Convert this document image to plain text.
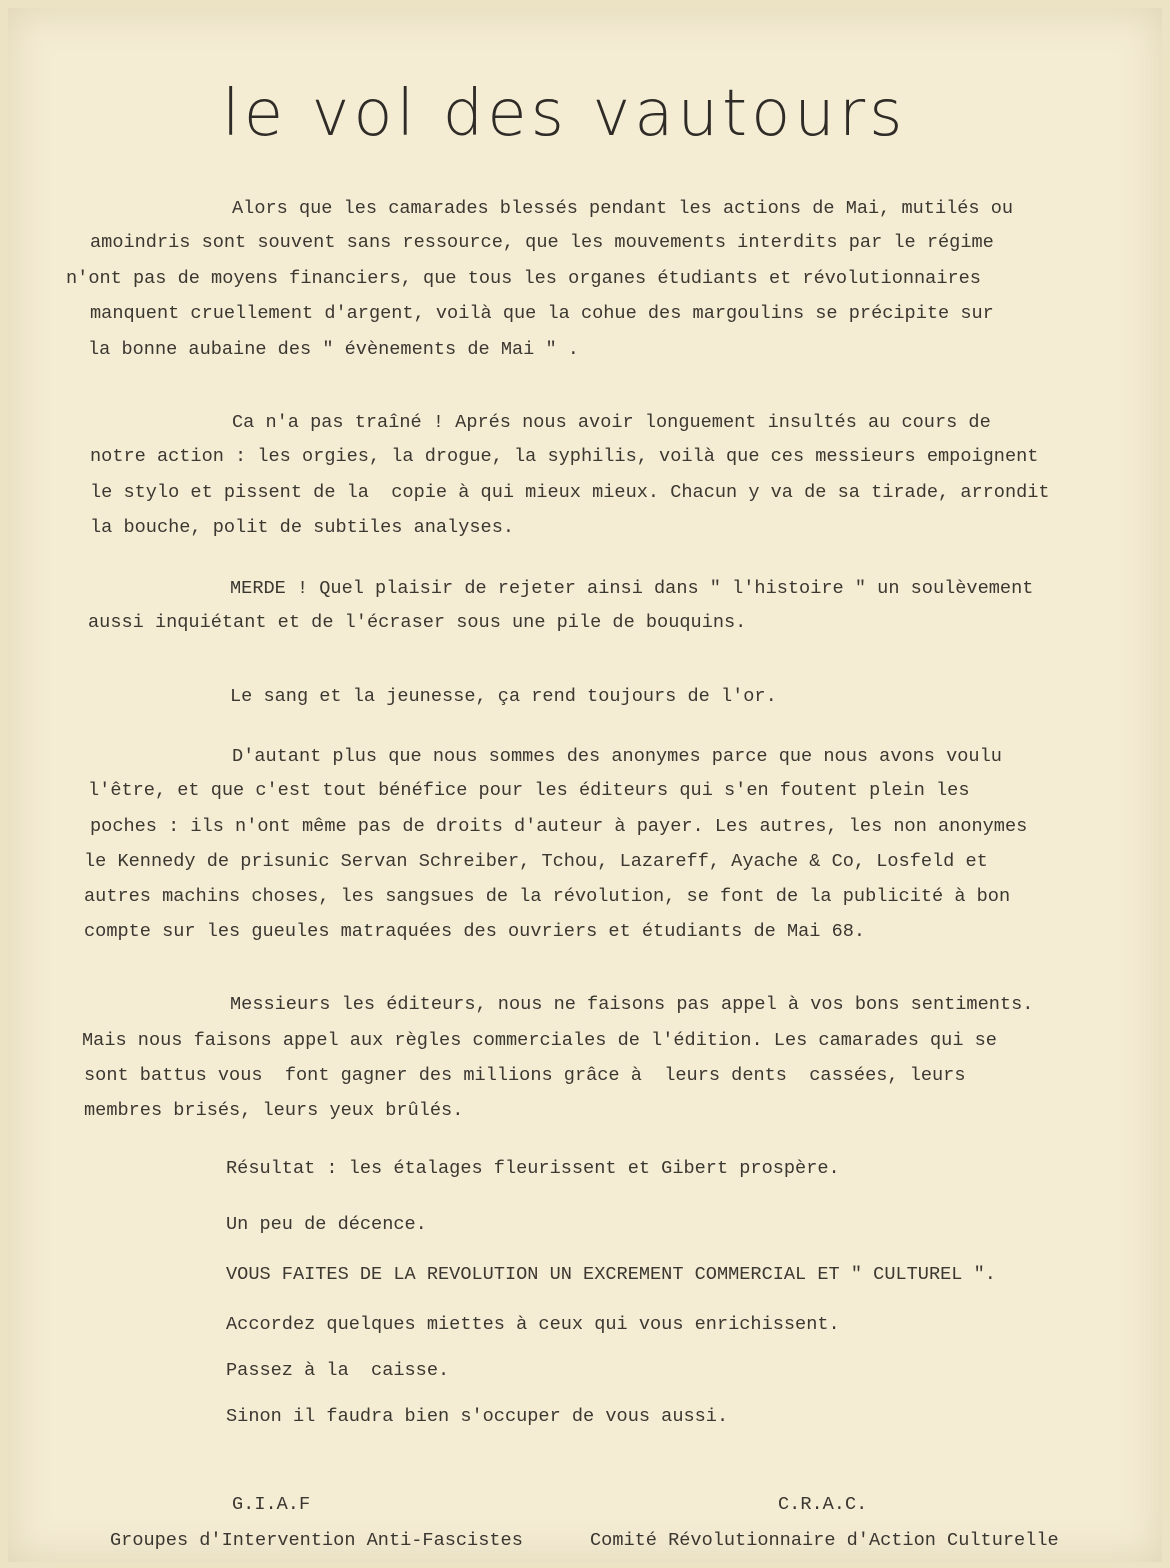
le vol des vautours
Alors que les camarades blessés pendant les actions de Mai, mutilés ou
amoindris sont souvent sans ressource, que les mouvements interdits par le régime
n'ont pas de moyens financiers, que tous les organes étudiants et révolutionnaires
manquent cruellement d'argent, voilà que la cohue des margoulins se précipite sur
la bonne aubaine des " évènements de Mai " .
Ca n'a pas traîné ! Aprés nous avoir longuement insultés au cours de
notre action : les orgies, la drogue, la syphilis, voilà que ces messieurs empoignent
le stylo et pissent de la  copie à qui mieux mieux. Chacun y va de sa tirade, arrondit
la bouche, polit de subtiles analyses.
MERDE ! Quel plaisir de rejeter ainsi dans " l'histoire " un soulèvement
aussi inquiétant et de l'écraser sous une pile de bouquins.
Le sang et la jeunesse, ça rend toujours de l'or.
D'autant plus que nous sommes des anonymes parce que nous avons voulu
l'être, et que c'est tout bénéfice pour les éditeurs qui s'en foutent plein les
poches : ils n'ont même pas de droits d'auteur à payer. Les autres, les non anonymes
le Kennedy de prisunic Servan Schreiber, Tchou, Lazareff, Ayache & Co, Losfeld et
autres machins choses, les sangsues de la révolution, se font de la publicité à bon
compte sur les gueules matraquées des ouvriers et étudiants de Mai 68.
Messieurs les éditeurs, nous ne faisons pas appel à vos bons sentiments.
Mais nous faisons appel aux règles commerciales de l'édition. Les camarades qui se
sont battus vous  font gagner des millions grâce à  leurs dents  cassées, leurs
membres brisés, leurs yeux brûlés.
Résultat : les étalages fleurissent et Gibert prospère.
Un peu de décence.
VOUS FAITES DE LA REVOLUTION UN EXCREMENT COMMERCIAL ET " CULTUREL ".
Accordez quelques miettes à ceux qui vous enrichissent.
Passez à la  caisse.
Sinon il faudra bien s'occuper de vous aussi.
G.I.A.F
Groupes d'Intervention Anti-Fascistes
C.R.A.C.
Comité Révolutionnaire d'Action Culturelle
